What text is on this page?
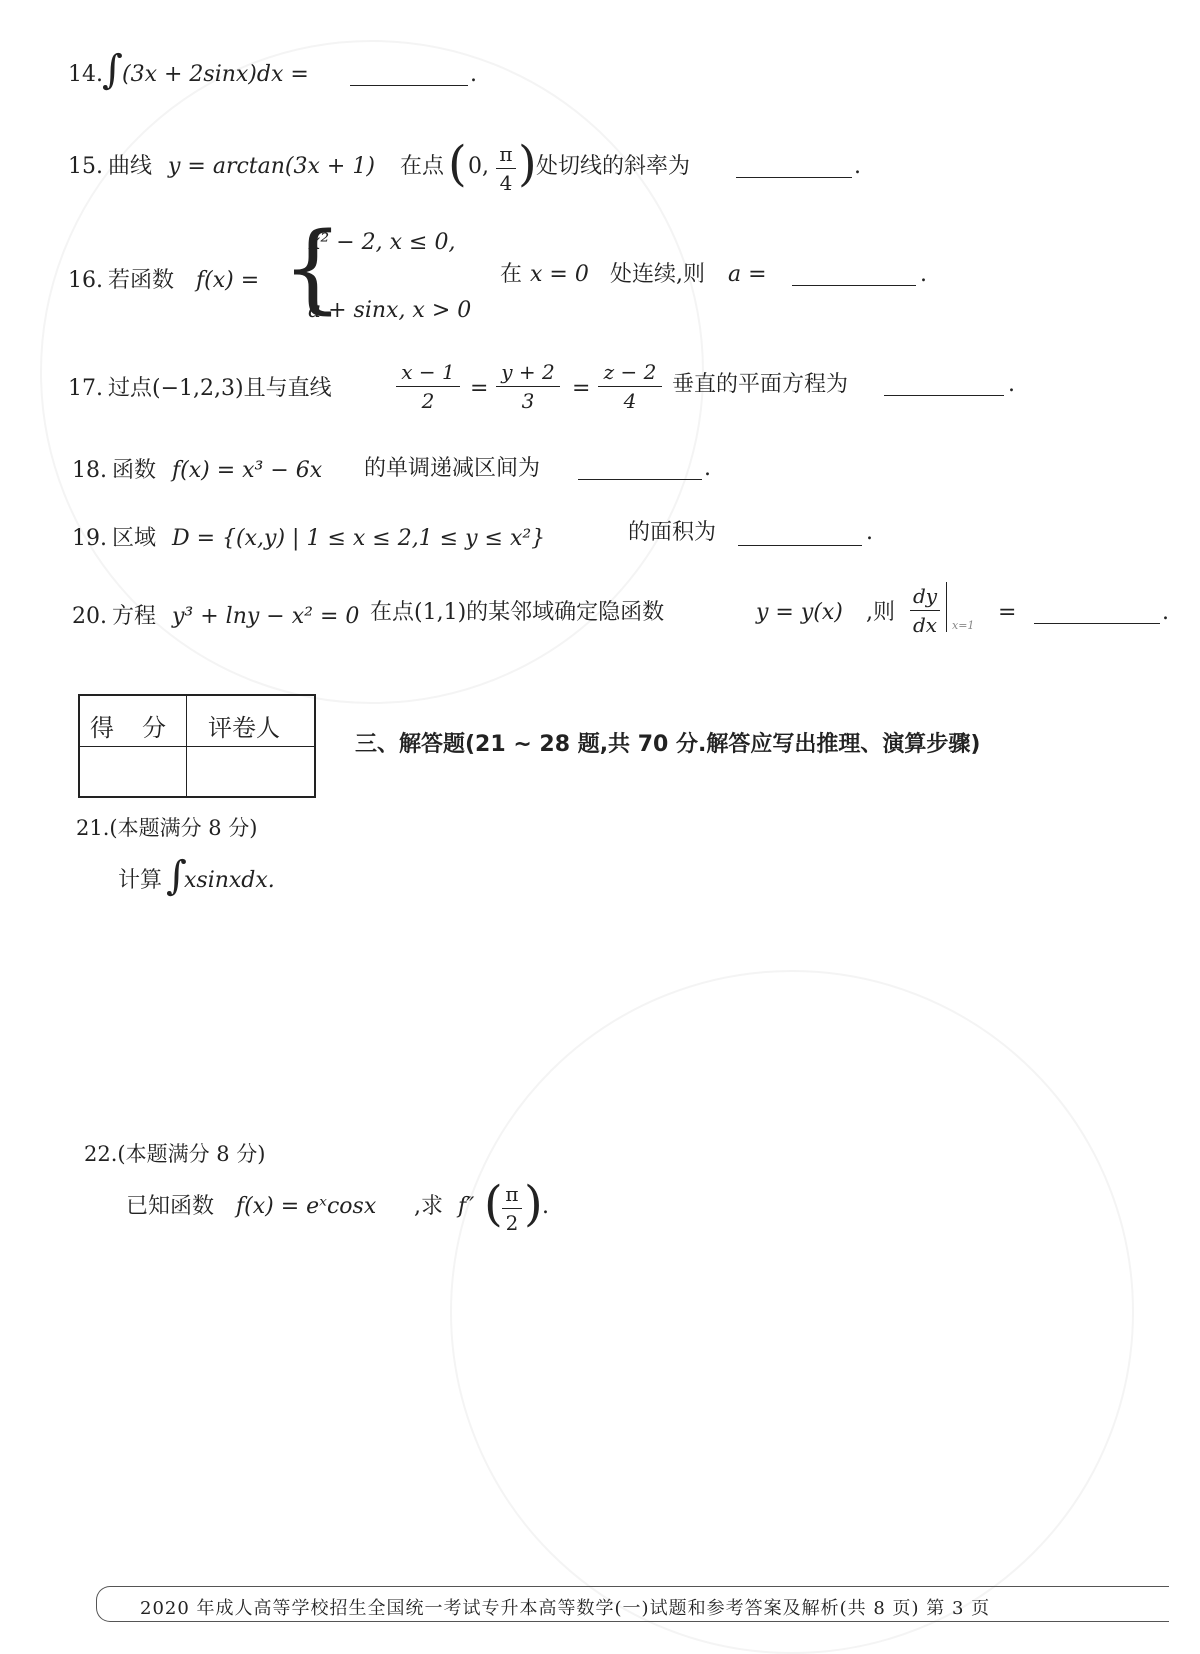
14. ∫ (3x + 2sinx)dx =	.
15. 曲线 y = arctan(3x + 1) 在点 ( 0, π
4 ) 处切线的斜率为	.
16. 若函数 f(x) = {
x² − 2, x ≤ 0,
a + sinx, x > 0
在 x = 0 处连续,则 a =	.
17. 过点(−1,2,3)且与直线
x − 1
2 =
y + 2
3 =
z − 2
4
垂直的平面方程为	.
18. 函数 f(x) = x³ − 6x 的单调递减区间为	.
19. 区域 D = {(x,y) | 1 ≤ x ≤ 2,1 ≤ y ≤ x²}	的面积为	.
20. 方程 y³ + lny − x² = 0 在点(1,1)的某邻域确定隐函数	y = y(x) ,则
dy
dx x=1
=	.
得分 评卷人
三、解答题(21 ~ 28 题,共 70 分.解答应写出推理、演算步骤)
21.(本题满分 8 分)
计算 ∫
xsinxdx.
22.(本题满分 8 分)
已知函数 f(x) = eˣcosx ,求 f″ ( π
2 ) .
2020 年成人高等学校招生全国统一考试专升本高等数学(一)试题和参考答案及解析(共 8 页) 第 3 页
